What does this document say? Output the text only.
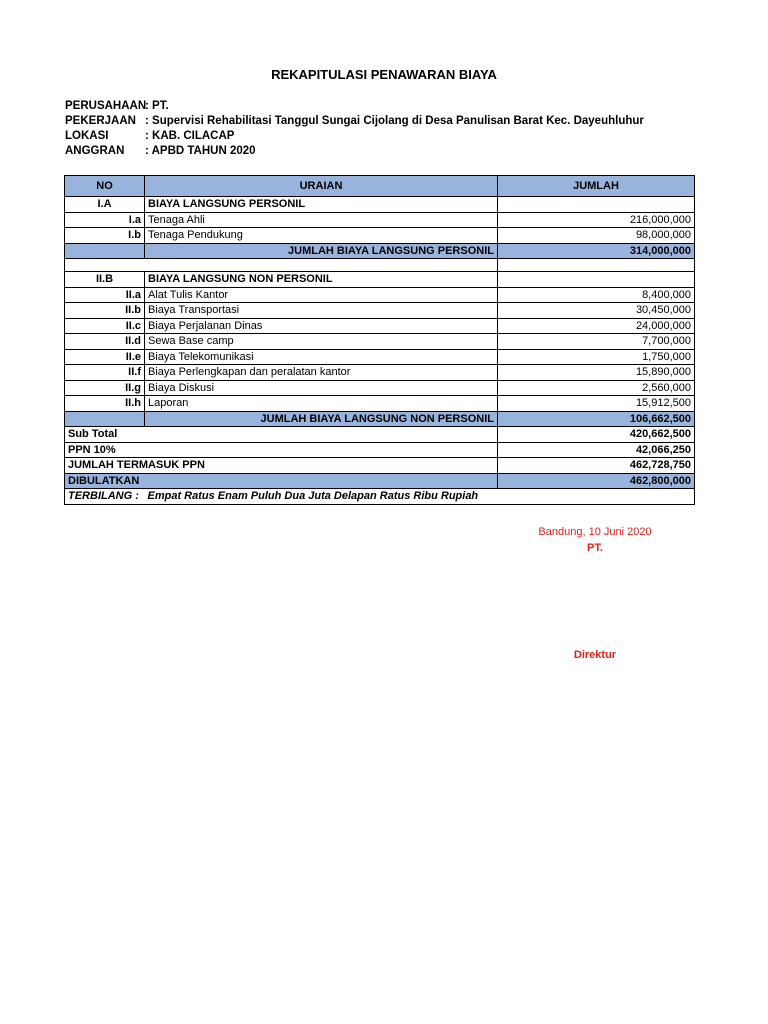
REKAPITULASI PENAWARAN BIAYA
PERUSAHAAN: PT.
PEKERJAAN : Supervisi Rehabilitasi Tanggul Sungai Cijolang di Desa Panulisan Barat Kec. Dayeuhluhur
LOKASI	: KAB. CILACAP
ANGGRAN : APBD TAHUN 2020
NO	URAIAN	JUMLAH
I.A	BIAYA LANGSUNG PERSONIL	
I.a	Tenaga Ahli	216,000,000
I.b	Tenaga Pendukung	98,000,000
	JUMLAH BIAYA LANGSUNG PERSONIL	314,000,000

II.B	BIAYA LANGSUNG NON PERSONIL	
II.a	Alat Tulis Kantor	8,400,000
II.b	Biaya Transportasi	30,450,000
II.c	Biaya Perjalanan Dinas	24,000,000
II.d	Sewa Base camp	7,700,000
II.e	Biaya Telekomunikasi	1,750,000
II.f	Biaya Perlengkapan dan peralatan kantor	15,890,000
II.g	Biaya Diskusi	2,560,000
II.h	Laporan	15,912,500
	JUMLAH BIAYA LANGSUNG NON PERSONIL	106,662,500
Sub Total		420,662,500
PPN 10%		42,066,250
JUMLAH TERMASUK PPN		462,728,750
DIBULATKAN		462,800,000
TERBILANG :	Empat Ratus Enam Puluh Dua Juta Delapan Ratus Ribu Rupiah	
Bandung, 10 Juni 2020
PT.
Direktur
